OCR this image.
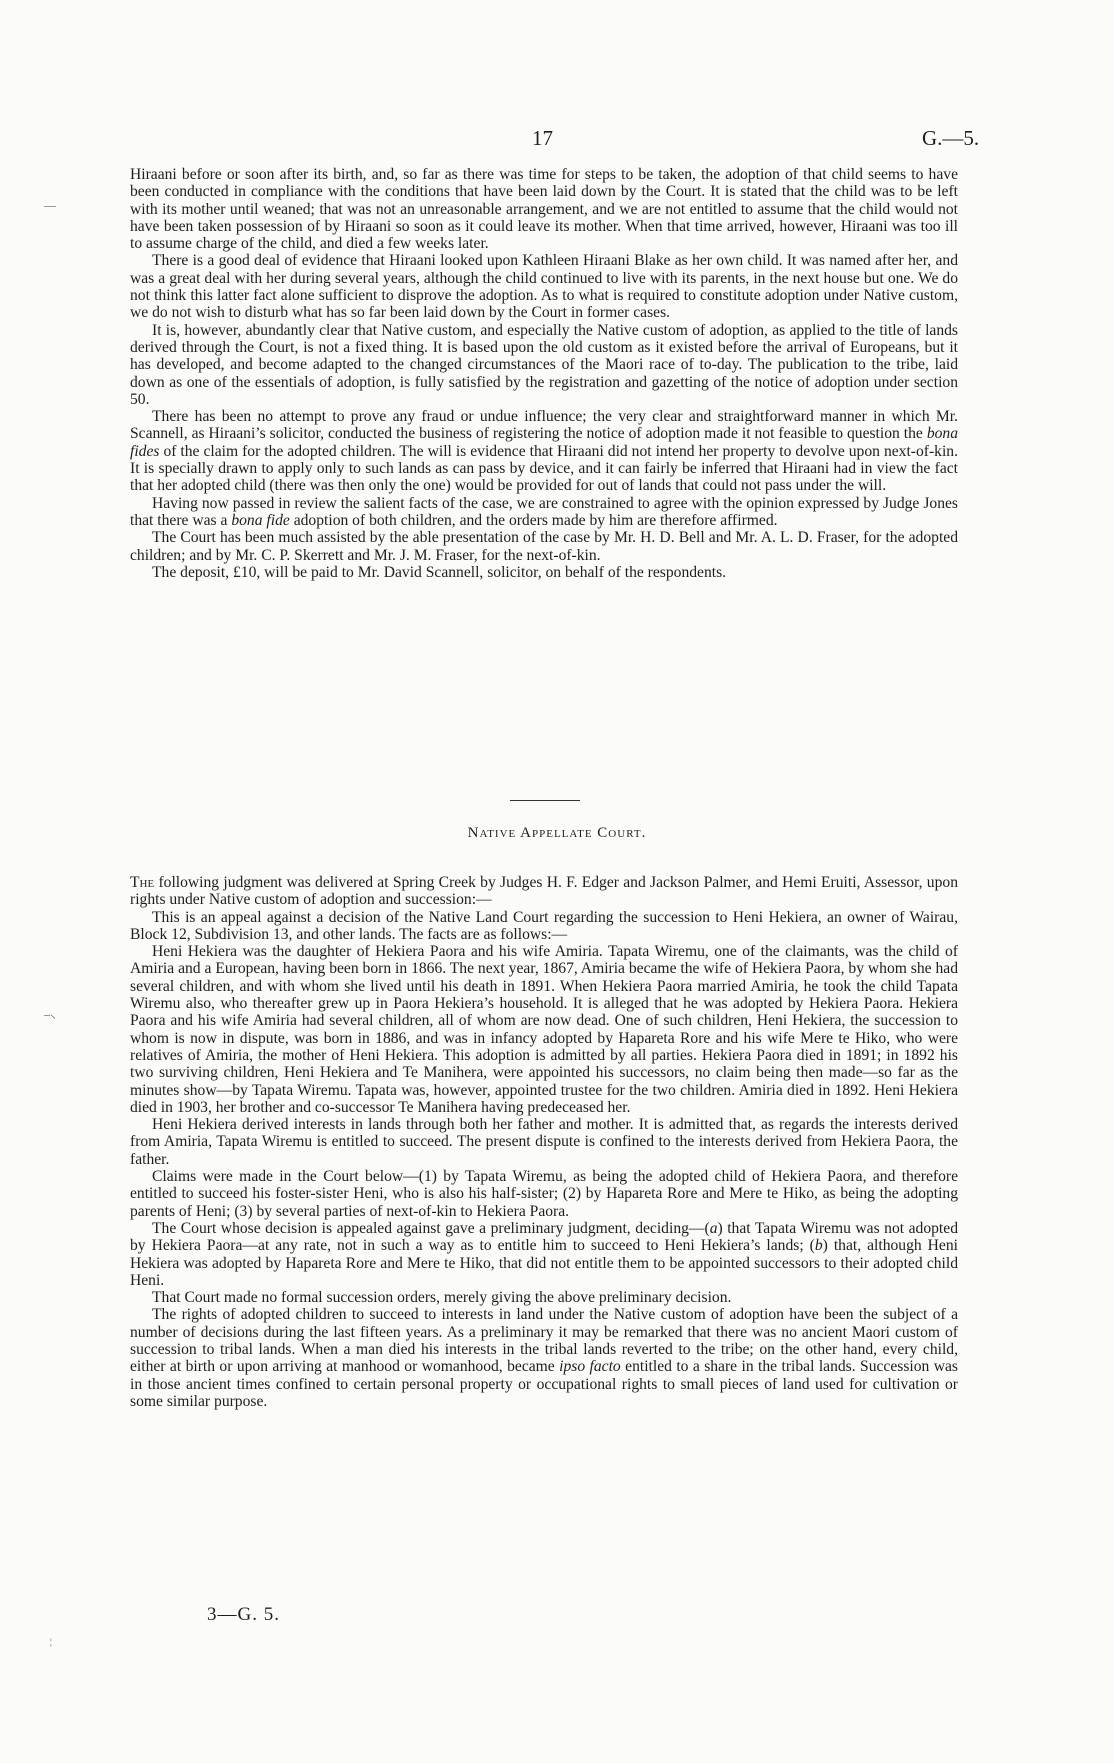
17	G.—5.
—
–⸜
¦

Hiraani before or soon after its birth, and, so far as there was time for steps to be taken, the adoption of that child seems to have been conducted in compliance with the conditions that have been laid down by the Court. It is stated that the child was to be left with its mother until weaned; that was not an unreasonable arrangement, and we are not entitled to assume that the child would not have been taken possession of by Hiraani so soon as it could leave its mother. When that time arrived, however, Hiraani was too ill to assume charge of the child, and died a few weeks later.

There is a good deal of evidence that Hiraani looked upon Kathleen Hiraani Blake as her own child. It was named after her, and was a great deal with her during several years, although the child continued to live with its parents, in the next house but one. We do not think this latter fact alone sufficient to disprove the adoption. As to what is required to constitute adoption under Native custom, we do not wish to disturb what has so far been laid down by the Court in former cases.

It is, however, abundantly clear that Native custom, and especially the Native custom of adoption, as applied to the title of lands derived through the Court, is not a fixed thing. It is based upon the old custom as it existed before the arrival of Europeans, but it has developed, and become adapted to the changed circumstances of the Maori race of to-day. The publication to the tribe, laid down as one of the essentials of adoption, is fully satisfied by the registration and gazetting of the notice of adoption under section 50.

There has been no attempt to prove any fraud or undue influence; the very clear and straightforward manner in which Mr. Scannell, as Hiraani’s solicitor, conducted the business of registering the notice of adoption made it not feasible to question the bona fides of the claim for the adopted children. The will is evidence that Hiraani did not intend her property to devolve upon next-of-kin. It is specially drawn to apply only to such lands as can pass by device, and it can fairly be inferred that Hiraani had in view the fact that her adopted child (there was then only the one) would be provided for out of lands that could not pass under the will.

Having now passed in review the salient facts of the case, we are constrained to agree with the opinion expressed by Judge Jones that there was a bona fide adoption of both children, and the orders made by him are therefore affirmed.

The Court has been much assisted by the able presentation of the case by Mr. H. D. Bell and Mr. A. L. D. Fraser, for the adopted children; and by Mr. C. P. Skerrett and Mr. J. M. Fraser, for the next-of-kin.

The deposit, £10, will be paid to Mr. David Scannell, solicitor, on behalf of the respondents.

Native Appellate Court.

The following judgment was delivered at Spring Creek by Judges H. F. Edger and Jackson Palmer, and Hemi Eruiti, Assessor, upon rights under Native custom of adoption and succession:—

This is an appeal against a decision of the Native Land Court regarding the succession to Heni Hekiera, an owner of Wairau, Block 12, Subdivision 13, and other lands. The facts are as follows:—

Heni Hekiera was the daughter of Hekiera Paora and his wife Amiria. Tapata Wiremu, one of the claimants, was the child of Amiria and a European, having been born in 1866. The next year, 1867, Amiria became the wife of Hekiera Paora, by whom she had several children, and with whom she lived until his death in 1891. When Hekiera Paora married Amiria, he took the child Tapata Wiremu also, who thereafter grew up in Paora Hekiera’s household. It is alleged that he was adopted by Hekiera Paora. Hekiera Paora and his wife Amiria had several children, all of whom are now dead. One of such children, Heni Hekiera, the succession to whom is now in dispute, was born in 1886, and was in infancy adopted by Hapareta Rore and his wife Mere te Hiko, who were relatives of Amiria, the mother of Heni Hekiera. This adoption is admitted by all parties. Hekiera Paora died in 1891; in 1892 his two surviving children, Heni Hekiera and Te Manihera, were appointed his successors, no claim being then made—so far as the minutes show—by Tapata Wiremu. Tapata was, however, appointed trustee for the two children. Amiria died in 1892. Heni Hekiera died in 1903, her brother and co-successor Te Manihera having predeceased her.

Heni Hekiera derived interests in lands through both her father and mother. It is admitted that, as regards the interests derived from Amiria, Tapata Wiremu is entitled to succeed. The present dispute is confined to the interests derived from Hekiera Paora, the father.

Claims were made in the Court below—(1) by Tapata Wiremu, as being the adopted child of Hekiera Paora, and therefore entitled to succeed his foster-sister Heni, who is also his half-sister; (2) by Hapareta Rore and Mere te Hiko, as being the adopting parents of Heni; (3) by several parties of next-of-kin to Hekiera Paora.

The Court whose decision is appealed against gave a preliminary judgment, deciding—(a) that Tapata Wiremu was not adopted by Hekiera Paora—at any rate, not in such a way as to entitle him to succeed to Heni Hekiera’s lands; (b) that, although Heni Hekiera was adopted by Hapareta Rore and Mere te Hiko, that did not entitle them to be appointed successors to their adopted child Heni.

That Court made no formal succession orders, merely giving the above preliminary decision.

The rights of adopted children to succeed to interests in land under the Native custom of adoption have been the subject of a number of decisions during the last fifteen years. As a preliminary it may be remarked that there was no ancient Maori custom of succession to tribal lands. When a man died his interests in the tribal lands reverted to the tribe; on the other hand, every child, either at birth or upon arriving at manhood or womanhood, became ipso facto entitled to a share in the tribal lands. Succession was in those ancient times confined to certain personal property or occupational rights to small pieces of land used for cultivation or some similar purpose.

3—G. 5.
